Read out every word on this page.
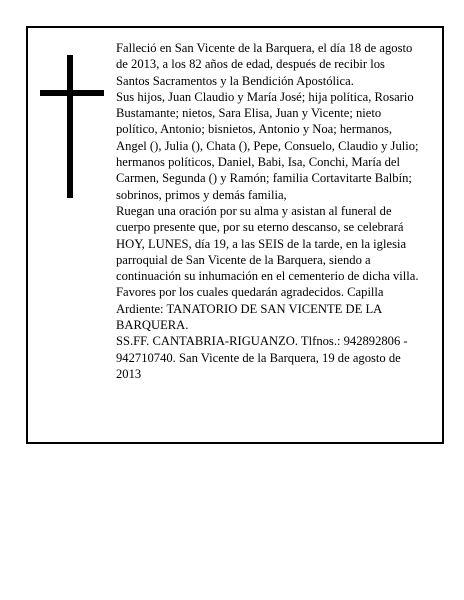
Falleció en San Vicente de la Barquera, el día 18 de agosto de 2013, a los 82 años de edad, después de recibir los Santos Sacramentos y la Bendición Apostólica.

Sus hijos, Juan Claudio y María José; hija política, Rosario Bustamante; nietos, Sara Elisa, Juan y Vicente; nieto político, Antonio; bisnietos, Antonio y Noa; hermanos, Angel (), Julia (), Chata (), Pepe, Consuelo, Claudio y Julio; hermanos políticos, Daniel, Babi, Isa, Conchi, María del Carmen, Segunda () y Ramón; familia Cortavitarte Balbín; sobrinos, primos y demás familia,

Ruegan una oración por su alma y asistan al funeral de cuerpo presente que, por su eterno descanso, se celebrará HOY, LUNES, día 19, a las SEIS de la tarde, en la iglesia parroquial de San Vicente de la Barquera, siendo a continuación su inhumación en el cementerio de dicha villa. Favores por los cuales quedarán agradecidos. Capilla Ardiente: TANATORIO DE SAN VICENTE DE LA BARQUERA.

SS.FF. CANTABRIA-RIGUANZO. Tlfnos.: 942892806 - 942710740. San Vicente de la Barquera, 19 de agosto de 2013
